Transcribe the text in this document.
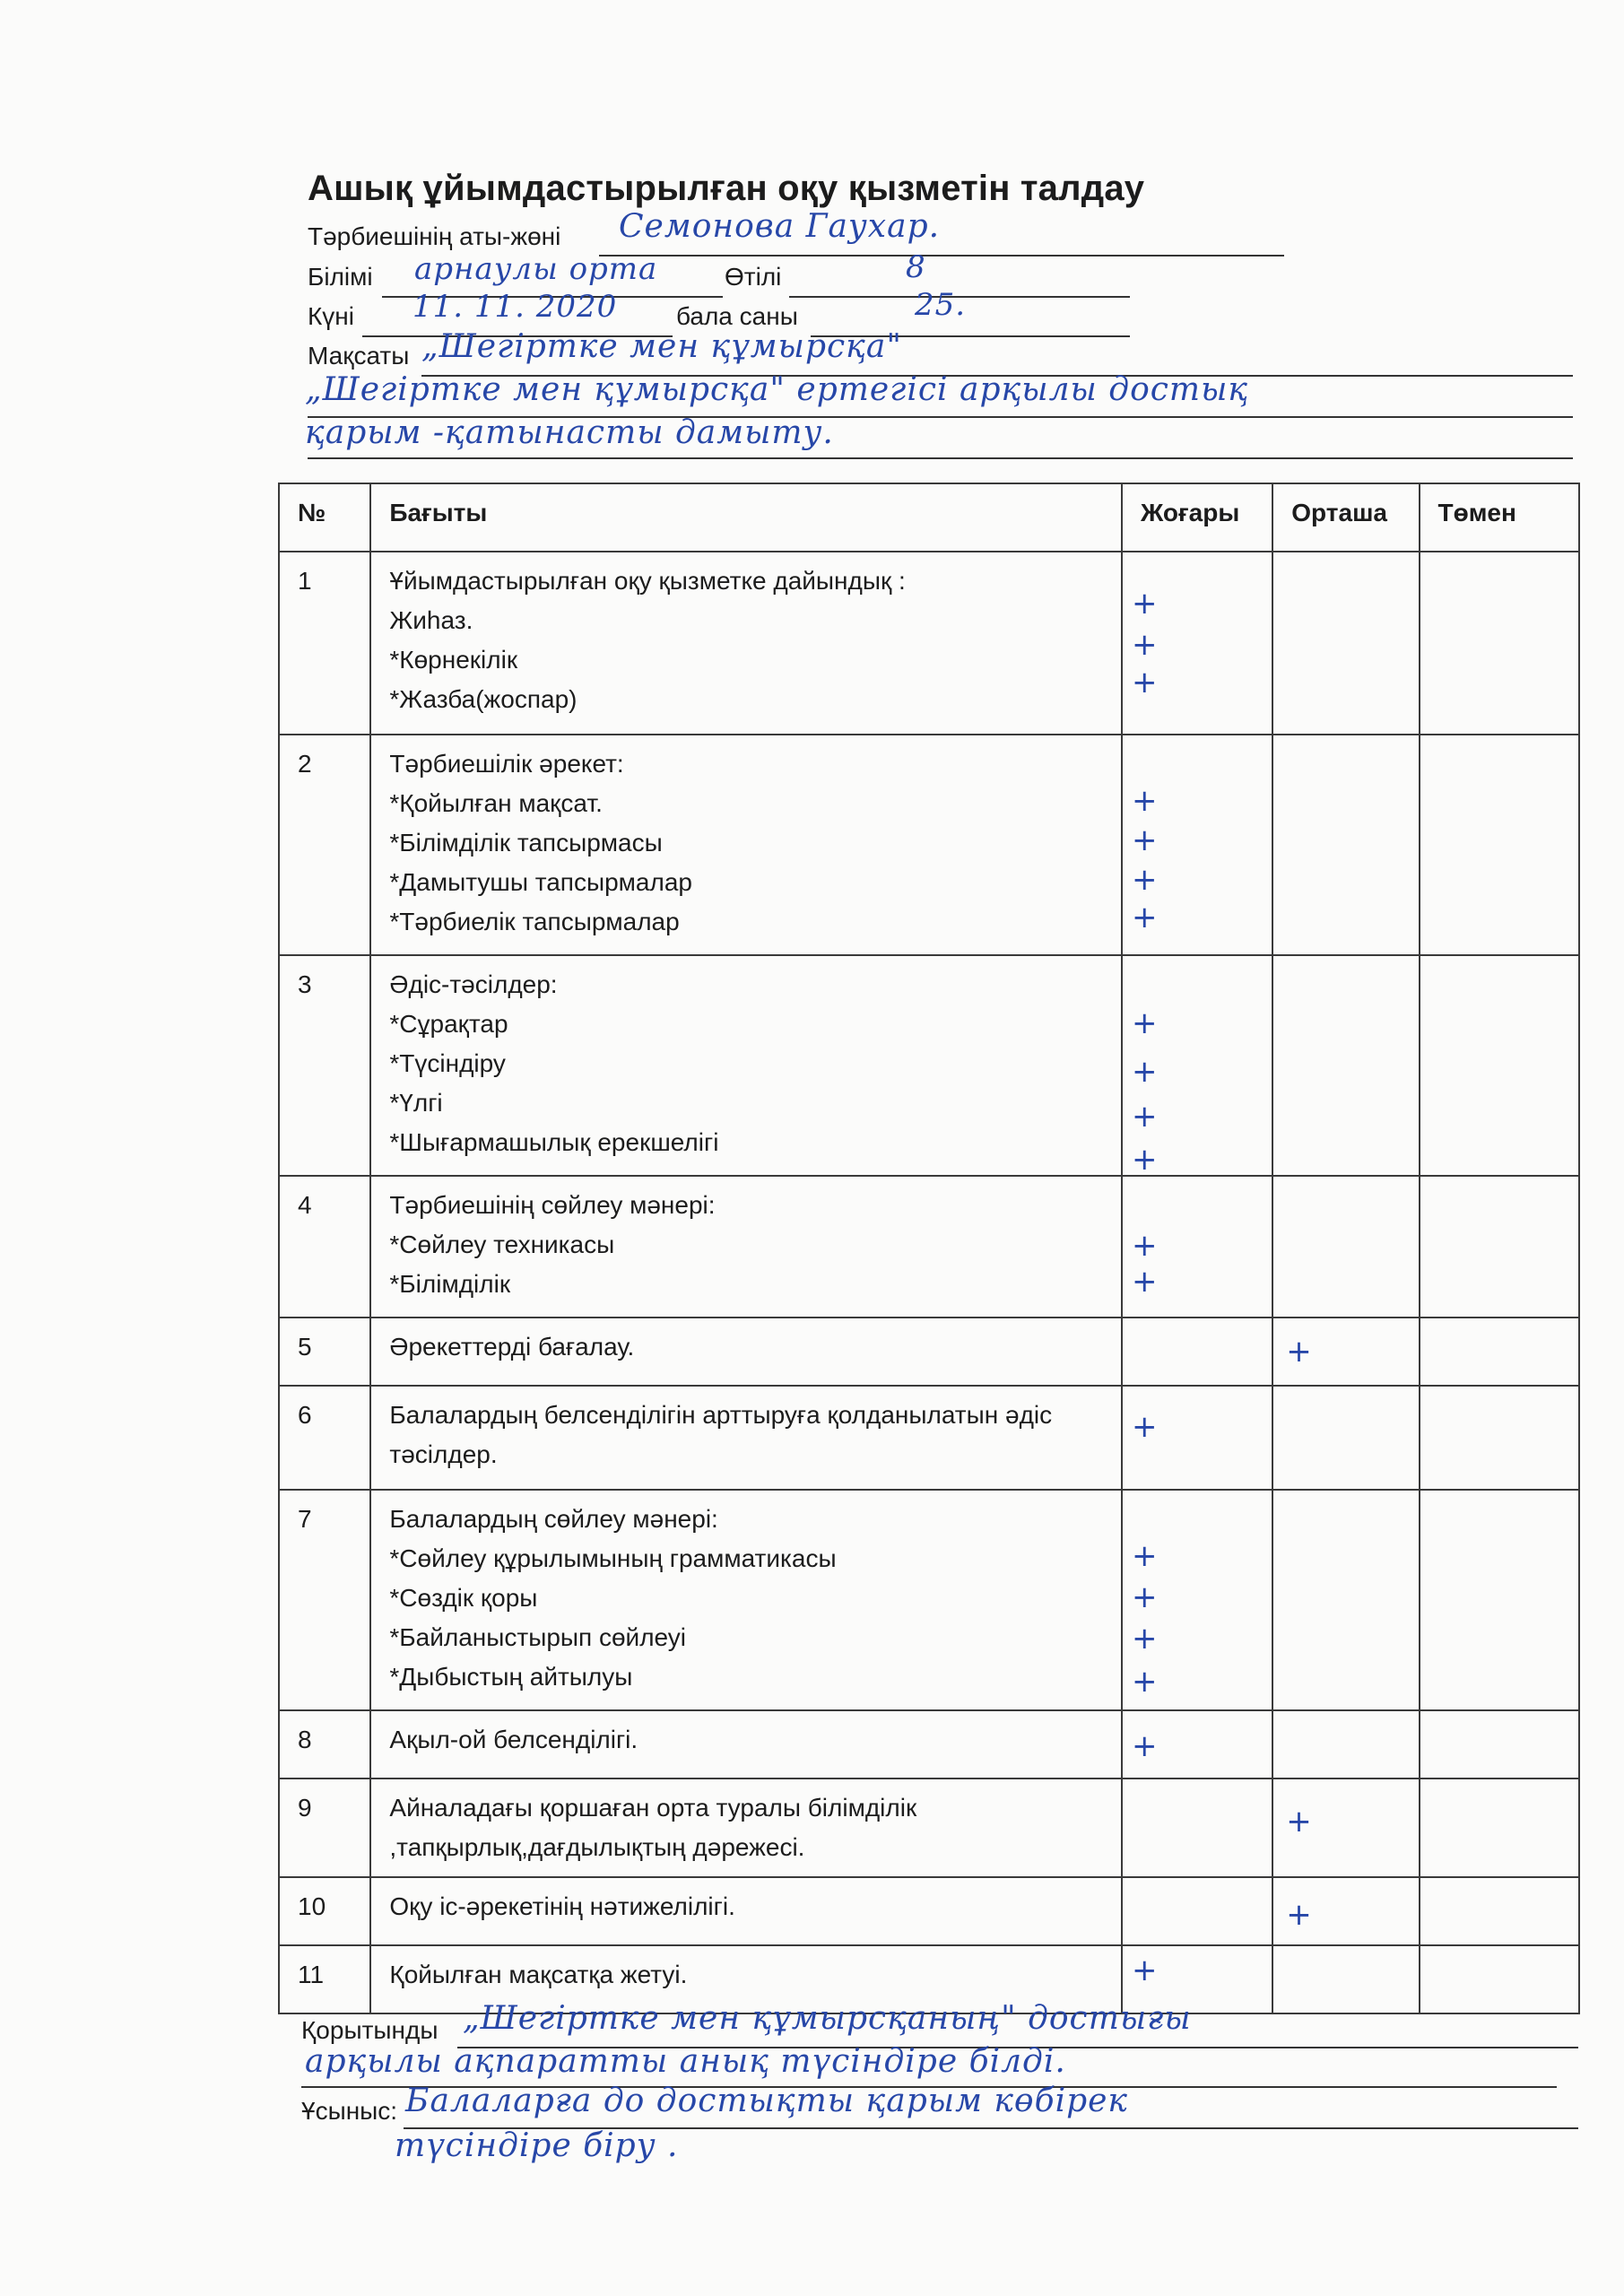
Ашық ұйымдастырылған оқу қызметін талдау
Тәрбиешінің аты-жөні Семонова Гаухар.
Білімі арнаулы орта	Өтілі	8
Күні 11. 11. 2020 бала саны	25.
Мақсаты „Шегіртке мен құмырсқа"
„Шегіртке мен құмырсқа" ертегісі арқылы достық
қарым -қатынасты дамыту.
№	Бағыты	Жоғары	Орташа	Төмен
1	Ұйымдастырылған оқу қызметке дайындық :
Жиһаз.
*Көрнекілік
*Жазба(жоспар)	+
+
+		

2	Тәрбиешілік әрекет:
*Қойылған мақсат.
*Білімділік тапсырмасы
*Дамытушы тапсырмалар
*Тәрбиелік тапсырмалар	+
+
+
+		

3	Әдіс-тәсілдер:
*Сұрақтар
*Түсіндіру
*Үлгі
*Шығармашылық ерекшелігі	+
+
+
+		

4	Тәрбиешінің сөйлеу мәнері:
*Сөйлеу техникасы
*Білімділік	+
+		

5	Әрекеттерді бағалау.		+	

6	Балалардың белсенділігін арттыруға қолданылатын әдіс
тәсілдер.	+		

7	Балалардың сөйлеу мәнері:
*Сөйлеу құрылымының грамматикасы
*Сөздік қоры
*Байланыстырып сөйлеуі
*Дыбыстың айтылуы	+
+
+
+		

8	Ақыл-ой белсенділігі.	+		

9	Айналадағы қоршаған орта туралы білімділік
,тапқырлық,дағдылықтың дәрежесі.		+	

10	Оқу іс-әрекетінің нәтижелілігі.		+	

11	Қойылған мақсатқа жетуі.	+		

Қорытынды „Шегіртке мен құмырсқаның" достығы
арқылы ақпаратты анық түсіндіре білді.
Ұсыныс: Балаларға до достықты қарым көбірек
түсіндіре біру .
